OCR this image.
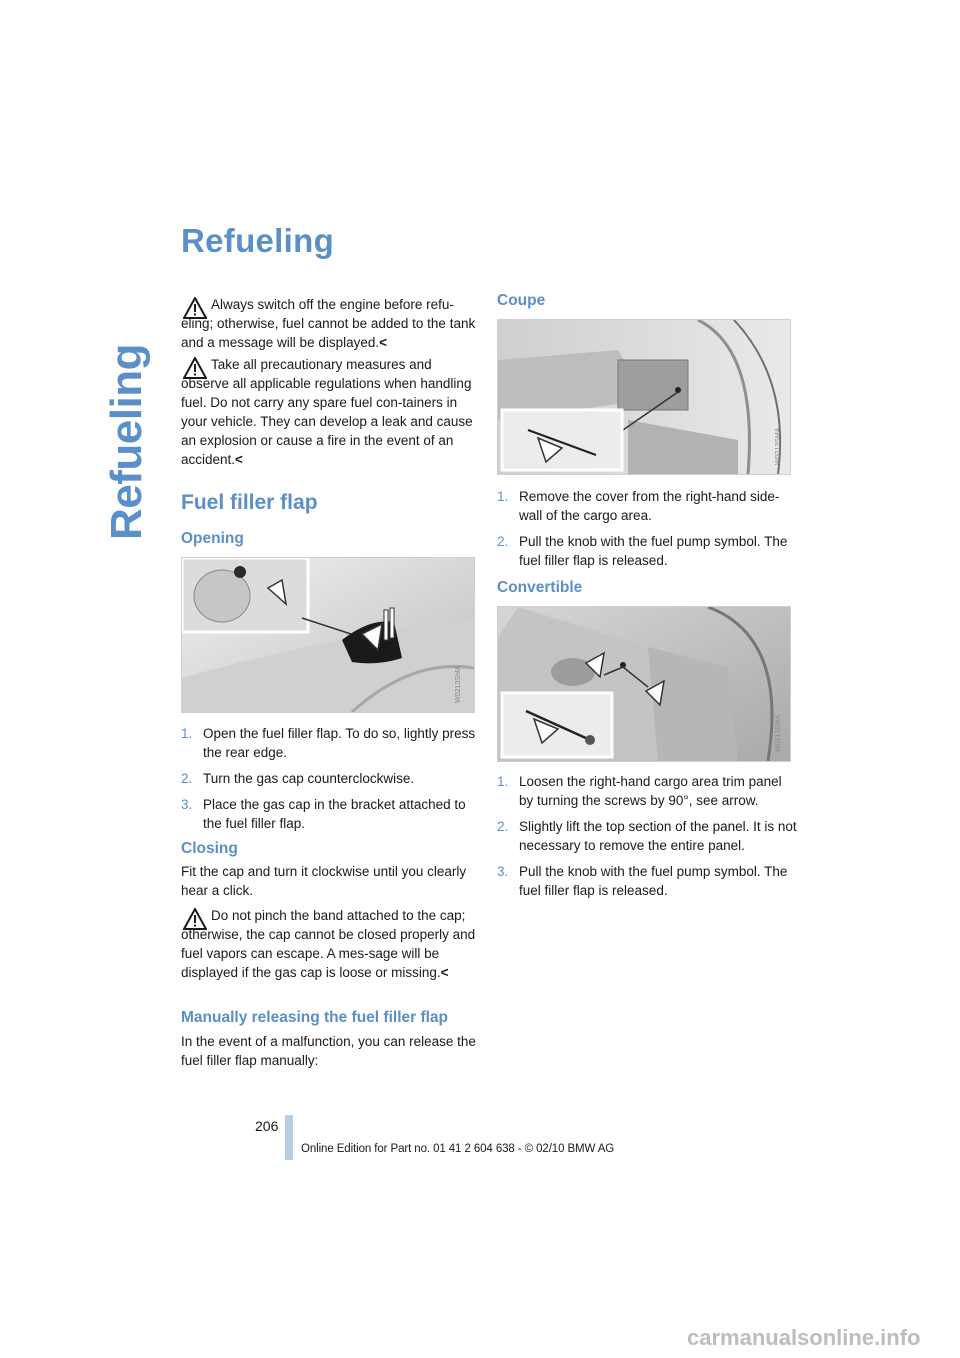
Refueling
Refueling

Always switch off the engine before refu-eling; otherwise, fuel cannot be added to the tank and a message will be displayed.<

Take all precautionary measures and observe all applicable regulations when handling fuel. Do not carry any spare fuel con-tainers in your vehicle. They can develop a leak and cause an explosion or cause a fire in the event of an accident.<

Fuel filler flap
Opening
W0213SMA
1. Open the fuel filler flap. To do so, lightly press the rear edge.
2. Turn the gas cap counterclockwise.
3. Place the gas cap in the bracket attached to the fuel filler flap.
Closing

Fit the cap and turn it clockwise until you clearly hear a click.

Do not pinch the band attached to the cap; otherwise, the cap cannot be closed properly and fuel vapors can escape. A mes-sage will be displayed if the gas cap is loose or missing.<

Manually releasing the fuel filler flap

In the event of a malfunction, you can release the fuel filler flap manually:

Coupe
W0213SMA
1. Remove the cover from the right-hand side-wall of the cargo area.
2. Pull the knob with the fuel pump symbol. The fuel filler flap is released.
Convertible
W0213SMA
1. Loosen the right-hand cargo area trim panel by turning the screws by 90°, see arrow.
2. Slightly lift the top section of the panel. It is not necessary to remove the entire panel.
3. Pull the knob with the fuel pump symbol. The fuel filler flap is released.
206
Online Edition for Part no. 01 41 2 604 638 - © 02/10 BMW AG
carmanualsonline.info
